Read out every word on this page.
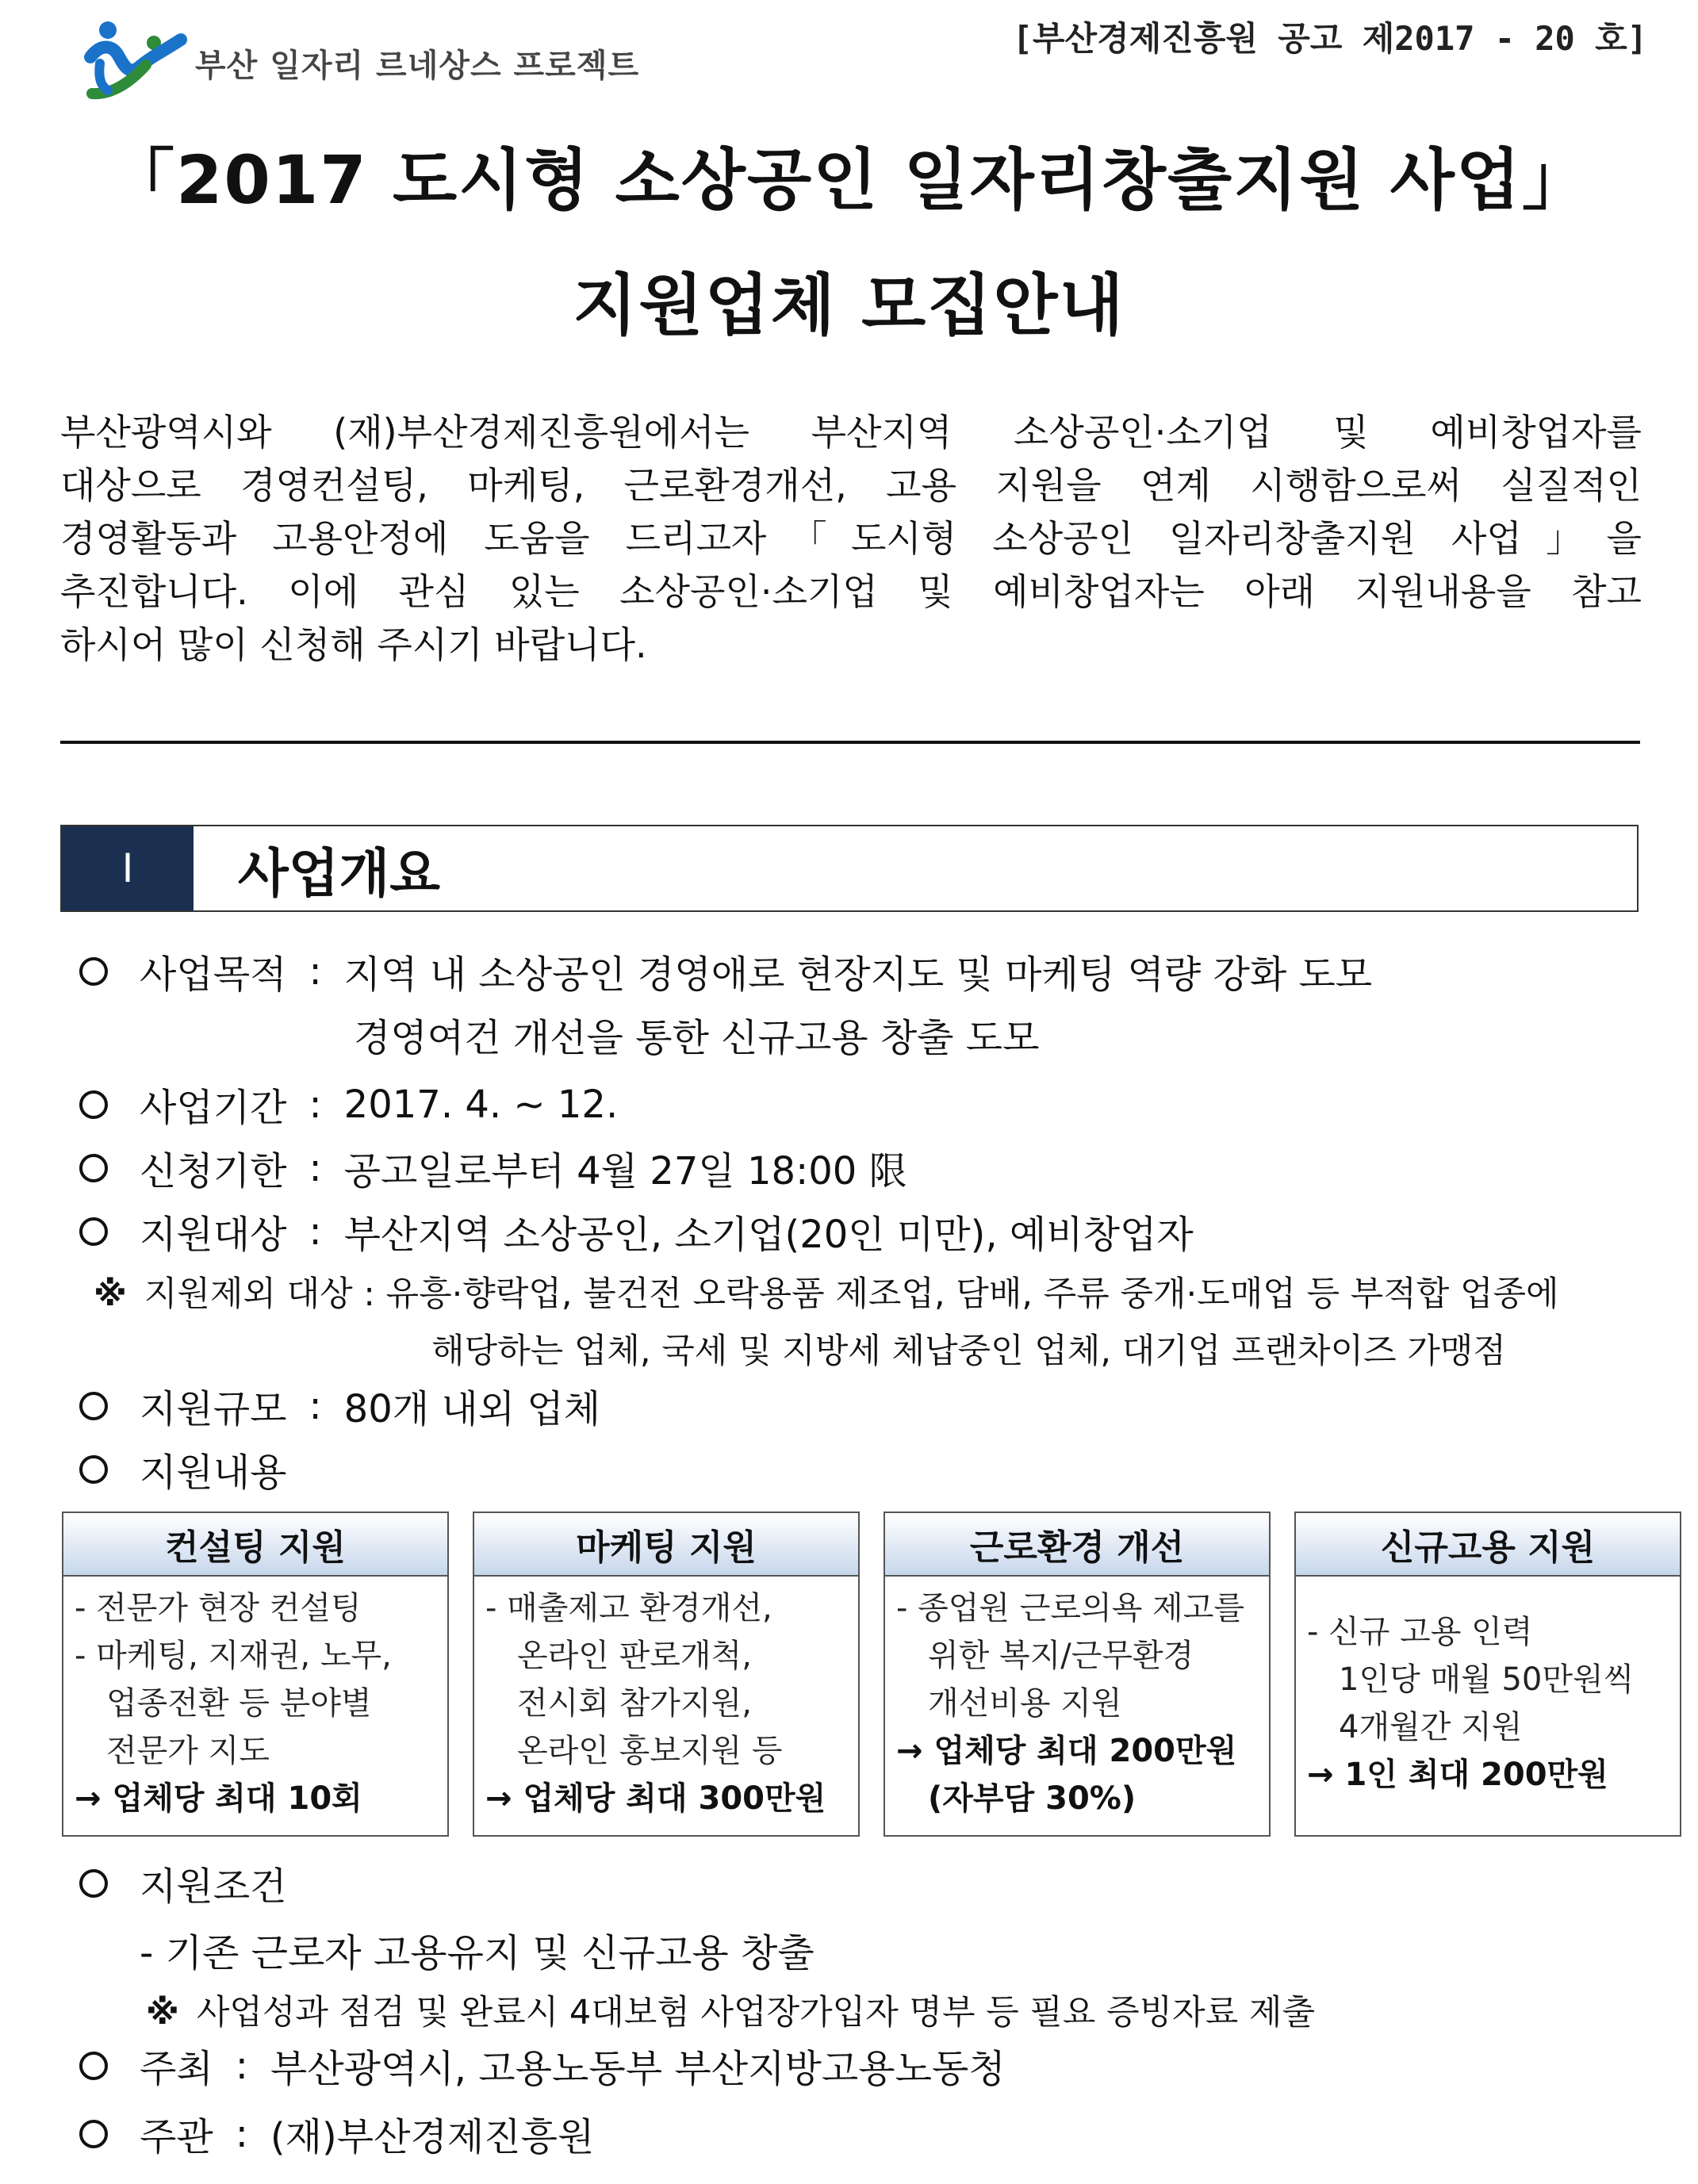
부산 일자리 르네상스 프로젝트
[부산경제진흥원 공고 제2017 - 20 호]
「2017 도시형 소상공인 일자리창출지원 사업」
지원업체 모집안내
부산광역시와 (재)부산경제진흥원에서는 부산지역 소상공인·소기업 및 예비창업자를
대상으로 경영컨설팅, 마케팅, 근로환경개선, 고용 지원을 연계 시행함으로써 실질적인
경영활동과 고용안정에 도움을 드리고자「도시형 소상공인 일자리창출지원 사업」을
추진합니다. 이에 관심 있는 소상공인·소기업 및 예비창업자는 아래 지원내용을 참고
하시어 많이 신청해 주시기 바랍니다.
Ⅰ	사업개요
사업목적 : 지역 내 소상공인 경영애로 현장지도 및 마케팅 역량 강화 도모
경영여건 개선을 통한 신규고용 창출 도모
사업기간 : 2017. 4. ~ 12.
신청기한 : 공고일로부터 4월 27일 18:00 限
지원대상 : 부산지역 소상공인, 소기업(20인 미만), 예비창업자
※ 지원제외 대상 : 유흥·향락업, 불건전 오락용품 제조업, 담배, 주류 중개·도매업 등 부적합 업종에
해당하는 업체, 국세 및 지방세 체납중인 업체, 대기업 프랜차이즈 가맹점
지원규모 : 80개 내외 업체
지원내용
컨설팅 지원
- 전문가 현장 컨설팅
- 마케팅, 지재권, 노무,
업종전환 등 분야별
전문가 지도
→ 업체당 최대 10회
마케팅 지원
- 매출제고 환경개선,
온라인 판로개척,
전시회 참가지원,
온라인 홍보지원 등
→ 업체당 최대 300만원
근로환경 개선
- 종업원 근로의욕 제고를
위한 복지/근무환경
개선비용 지원
→ 업체당 최대 200만원
(자부담 30%)
신규고용 지원
- 신규 고용 인력
1인당 매월 50만원씩
4개월간 지원
→ 1인 최대 200만원
지원조건
- 기존 근로자 고용유지 및 신규고용 창출
※ 사업성과 점검 및 완료시 4대보험 사업장가입자 명부 등 필요 증빙자료 제출
주최 : 부산광역시, 고용노동부 부산지방고용노동청
주관 : (재)부산경제진흥원
